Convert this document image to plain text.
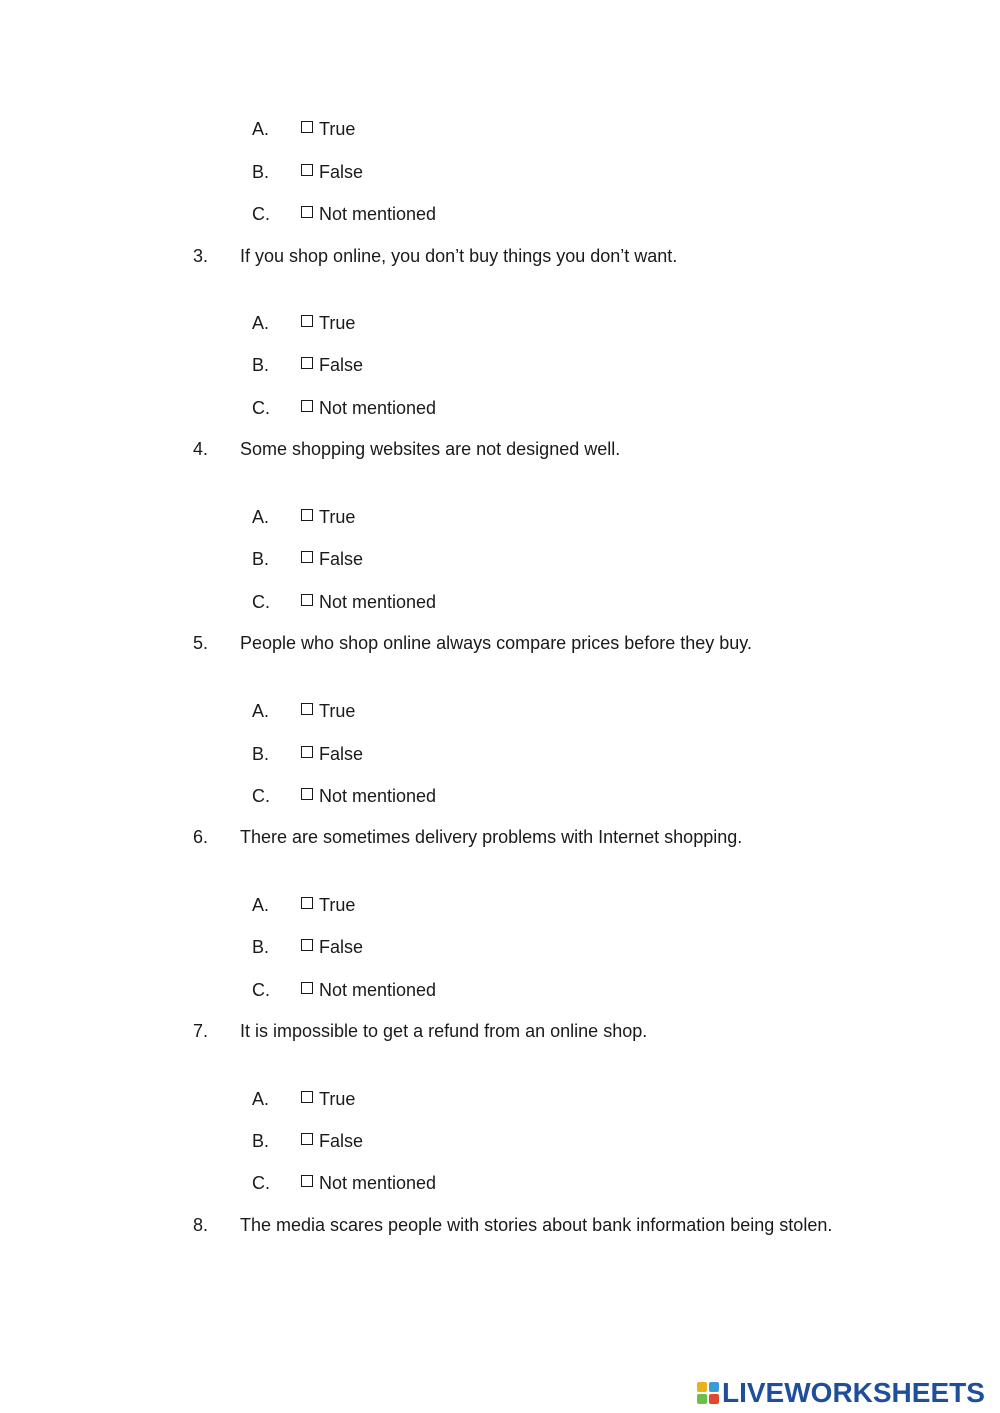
A.	True
B.	False
C.	Not mentioned
3. If you shop online, you don’t buy things you don’t want.
A.	True
B.	False
C.	Not mentioned
4. Some shopping websites are not designed well.
A.	True
B.	False
C.	Not mentioned
5. People who shop online always compare prices before they buy.
A.	True
B.	False
C.	Not mentioned
6. There are sometimes delivery problems with Internet shopping.
A.	True
B.	False
C.	Not mentioned
7. It is impossible to get a refund from an online shop.
A.	True
B.	False
C.	Not mentioned
8. The media scares people with stories about bank information being stolen.
LIVEWORKSHEETS
